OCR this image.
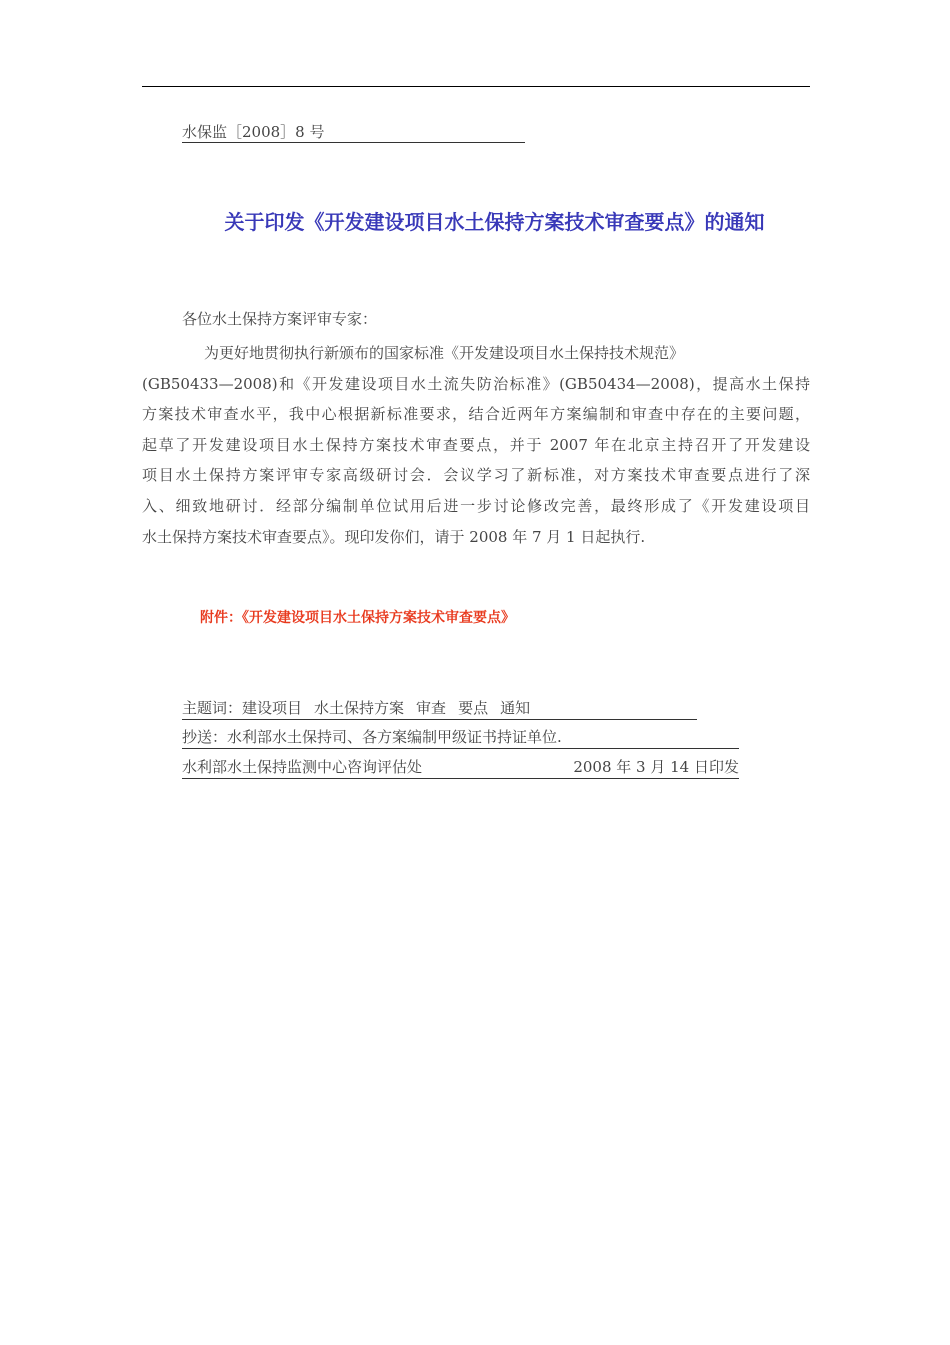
水保监［2008］8 号
关于印发《开发建设项目水土保持方案技术审查要点》的通知
各位水土保持方案评审专家：
为更好地贯彻执行新颁布的国家标准《开发建设项目水土保持技术规范》
(GB50433—2008)和《开发建设项目水土流失防治标准》(GB50434—2008)，提高水土保持
方案技术审查水平，我中心根据新标准要求，结合近两年方案编制和审查中存在的主要问题，
起草了开发建设项目水土保持方案技术审查要点，并于 2007 年在北京主持召开了开发建设
项目水土保持方案评审专家高级研讨会．会议学习了新标准，对方案技术审查要点进行了深
入、细致地研讨．经部分编制单位试用后进一步讨论修改完善，最终形成了《开发建设项目
水土保持方案技术审查要点》。现印发你们，请于 2008 年 7 月 1 日起执行.
附件：《开发建设项目水土保持方案技术审查要点》
主题词：建设项目 水土保持方案 审查 要点 通知
抄送：水利部水土保持司、各方案编制甲级证书持证单位.
水利部水土保持监测中心咨询评估处	2008 年 3 月 14 日印发
